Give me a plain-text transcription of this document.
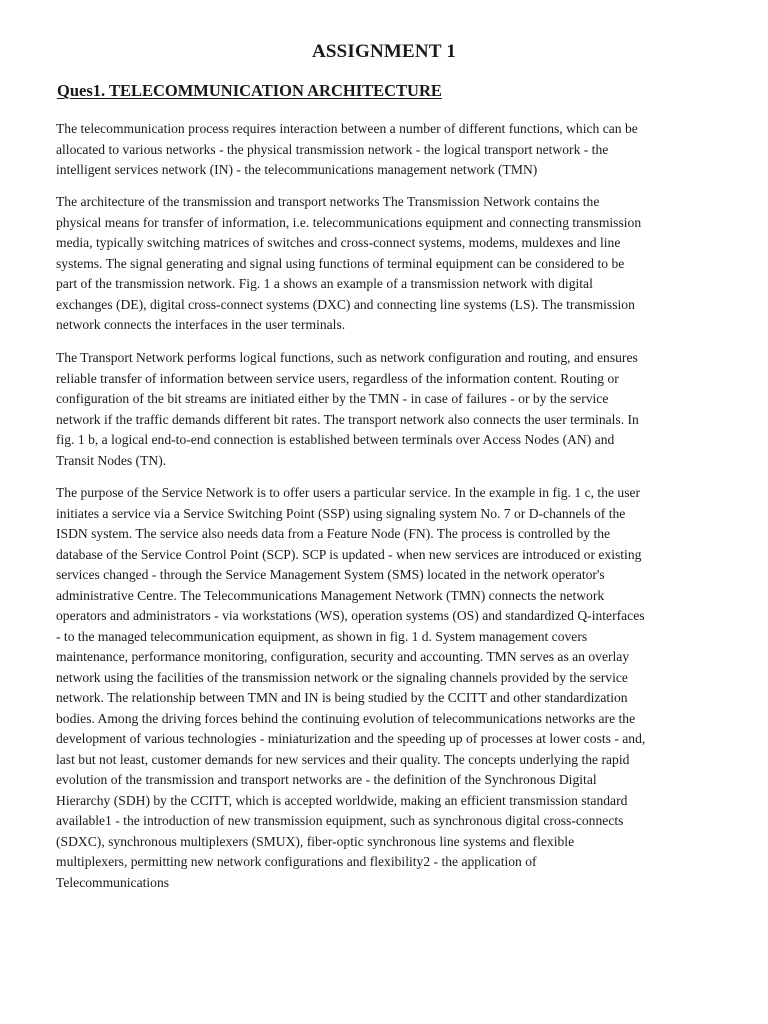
ASSIGNMENT 1
Ques1. TELECOMMUNICATION ARCHITECTURE
The telecommunication process requires interaction between a number of different functions, which can be
allocated to various networks - the physical transmission network - the logical transport network - the
intelligent services network (IN) - the telecommunications management network (TMN)
The architecture of the transmission and transport networks The Transmission Network contains the
physical means for transfer of information, i.e. telecommunications equipment and connecting transmission
media, typically switching matrices of switches and cross-connect systems, modems, muldexes and line
systems. The signal generating and signal using functions of terminal equipment can be considered to be
part of the transmission network. Fig. 1 a shows an example of a transmission network with digital
exchanges (DE), digital cross-connect systems (DXC) and connecting line systems (LS). The transmission
network connects the interfaces in the user terminals.
The Transport Network performs logical functions, such as network configuration and routing, and ensures
reliable transfer of information between service users, regardless of the information content. Routing or
configuration of the bit streams are initiated either by the TMN - in case of failures - or by the service
network if the traffic demands different bit rates. The transport network also connects the user terminals. In
fig. 1 b, a logical end-to-end connection is established between terminals over Access Nodes (AN) and
Transit Nodes (TN).
The purpose of the Service Network is to offer users a particular service. In the example in fig. 1 c, the user
initiates a service via a Service Switching Point (SSP) using signaling system No. 7 or D-channels of the
ISDN system. The service also needs data from a Feature Node (FN). The process is controlled by the
database of the Service Control Point (SCP). SCP is updated - when new services are introduced or existing
services changed - through the Service Management System (SMS) located in the network operator's
administrative Centre. The Telecommunications Management Network (TMN) connects the network
operators and administrators - via workstations (WS), operation systems (OS) and standardized Q-interfaces
- to the managed telecommunication equipment, as shown in fig. 1 d. System management covers
maintenance, performance monitoring, configuration, security and accounting. TMN serves as an overlay
network using the facilities of the transmission network or the signaling channels provided by the service
network. The relationship between TMN and IN is being studied by the CCITT and other standardization
bodies. Among the driving forces behind the continuing evolution of telecommunications networks are the
development of various technologies - miniaturization and the speeding up of processes at lower costs - and,
last but not least, customer demands for new services and their quality. The concepts underlying the rapid
evolution of the transmission and transport networks are - the definition of the Synchronous Digital
Hierarchy (SDH) by the CCITT, which is accepted worldwide, making an efficient transmission standard
available1 - the introduction of new transmission equipment, such as synchronous digital cross-connects
(SDXC), synchronous multiplexers (SMUX), fiber-optic synchronous line systems and flexible
multiplexers, permitting new network configurations and flexibility2 - the application of
Telecommunications
